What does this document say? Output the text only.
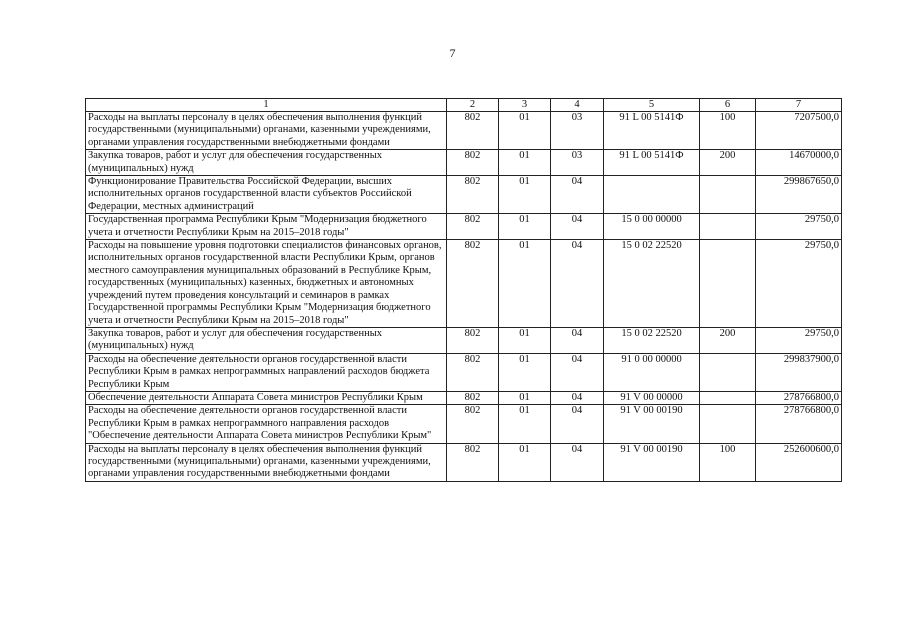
7
1	2	3	4	5	6	7
Расходы на выплаты персоналу в целях обеспечения выполнения функций государственными (муниципальными) органами, казенными учреждениями, органами управления государственными внебюджетными фондами	802	01	03	91 L 00 5141Ф	100	7207500,0
Закупка товаров, работ и услуг для обеспечения государственных (муниципальных) нужд	802	01	03	91 L 00 5141Ф	200	14670000,0
Функционирование Правительства Российской Федерации, высших исполнительных органов государственной власти субъектов Российской Федерации, местных администраций	802	01	04			299867650,0
Государственная программа Республики Крым "Модернизация бюджетного учета и отчетности Республики Крым на 2015–2018 годы"	802	01	04	15 0 00 00000		29750,0
Расходы на повышение уровня подготовки специалистов финансовых органов, исполнительных органов государственной власти Республики Крым, органов местного самоуправления муниципальных образований в Республике Крым, государственных (муниципальных) казенных, бюджетных и автономных учреждений путем проведения консультаций и семинаров в рамках Государственной программы Республики Крым "Модернизация бюджетного учета и отчетности Республики Крым на 2015–2018 годы"	802	01	04	15 0 02 22520		29750,0
Закупка товаров, работ и услуг для обеспечения государственных (муниципальных) нужд	802	01	04	15 0 02 22520	200	29750,0
Расходы на обеспечение деятельности органов государственной власти Республики Крым в рамках непрограммных направлений расходов бюджета Республики Крым	802	01	04	91 0 00 00000		299837900,0
Обеспечение деятельности Аппарата Совета министров Республики Крым	802	01	04	91 V 00 00000		278766800,0
Расходы на обеспечение деятельности органов государственной власти Республики Крым в рамках непрограммного направления расходов "Обеспечение деятельности Аппарата Совета министров Республики Крым"	802	01	04	91 V 00 00190		278766800,0
Расходы на выплаты персоналу в целях обеспечения выполнения функций государственными (муниципальными) органами, казенными учреждениями, органами управления государственными внебюджетными фондами	802	01	04	91 V 00 00190	100	252600600,0
